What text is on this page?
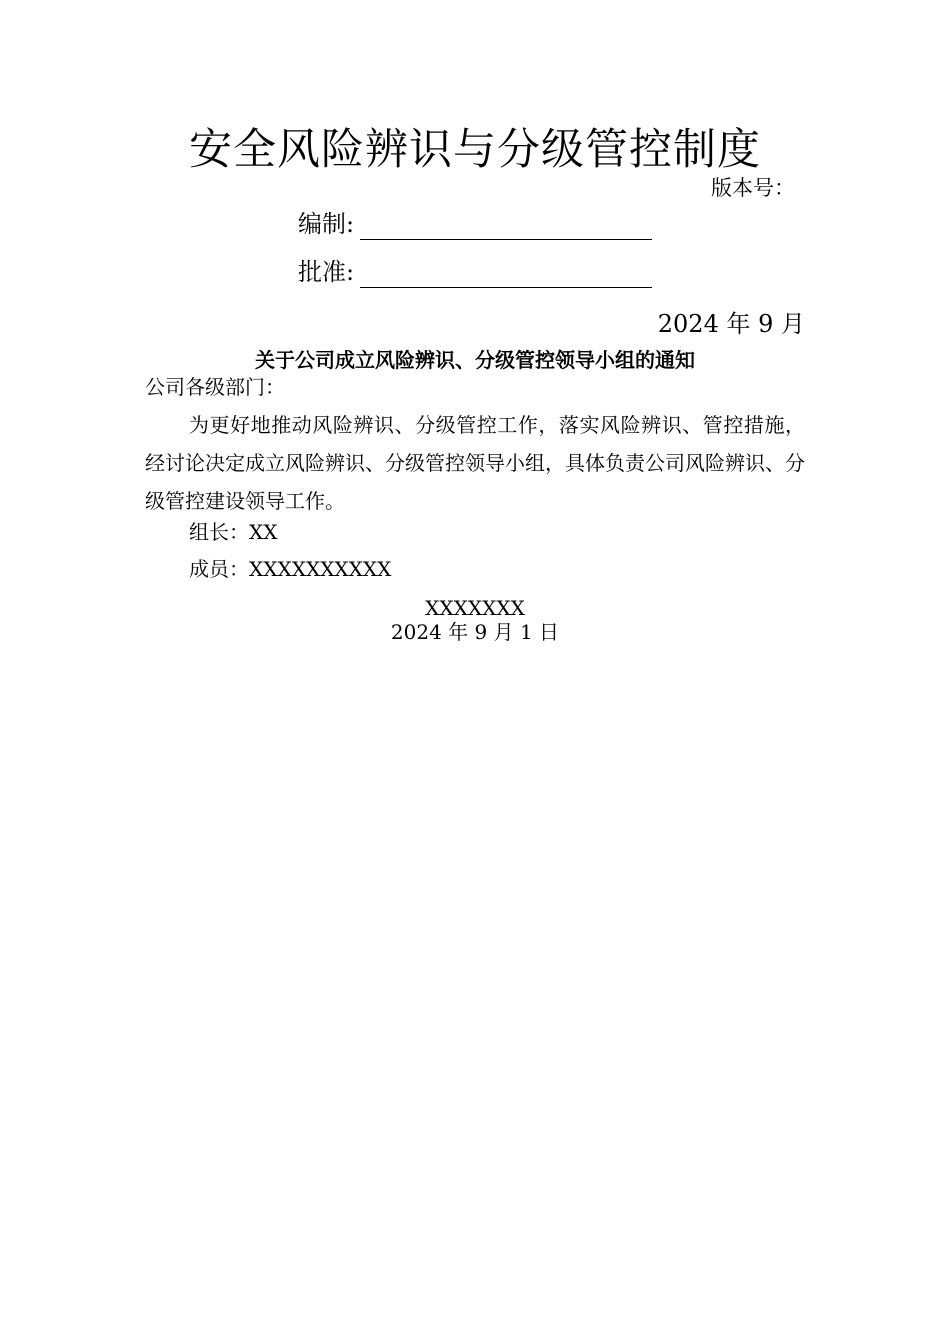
安全风险辨识与分级管控制度
版本号：
编制:
批准:
2024 年 9 月
关于公司成立风险辨识、分级管控领导小组的通知
公司各级部门：
为更好地推动风险辨识、分级管控工作，落实风险辨识、管控措施，经讨论决定成立风险辨识、分级管控领导小组，具体负责公司风险辨识、分级管控建设领导工作。
组长：XX
成员：XXXXXXXXXX
XXXXXXX
2024 年 9 月 1 日
